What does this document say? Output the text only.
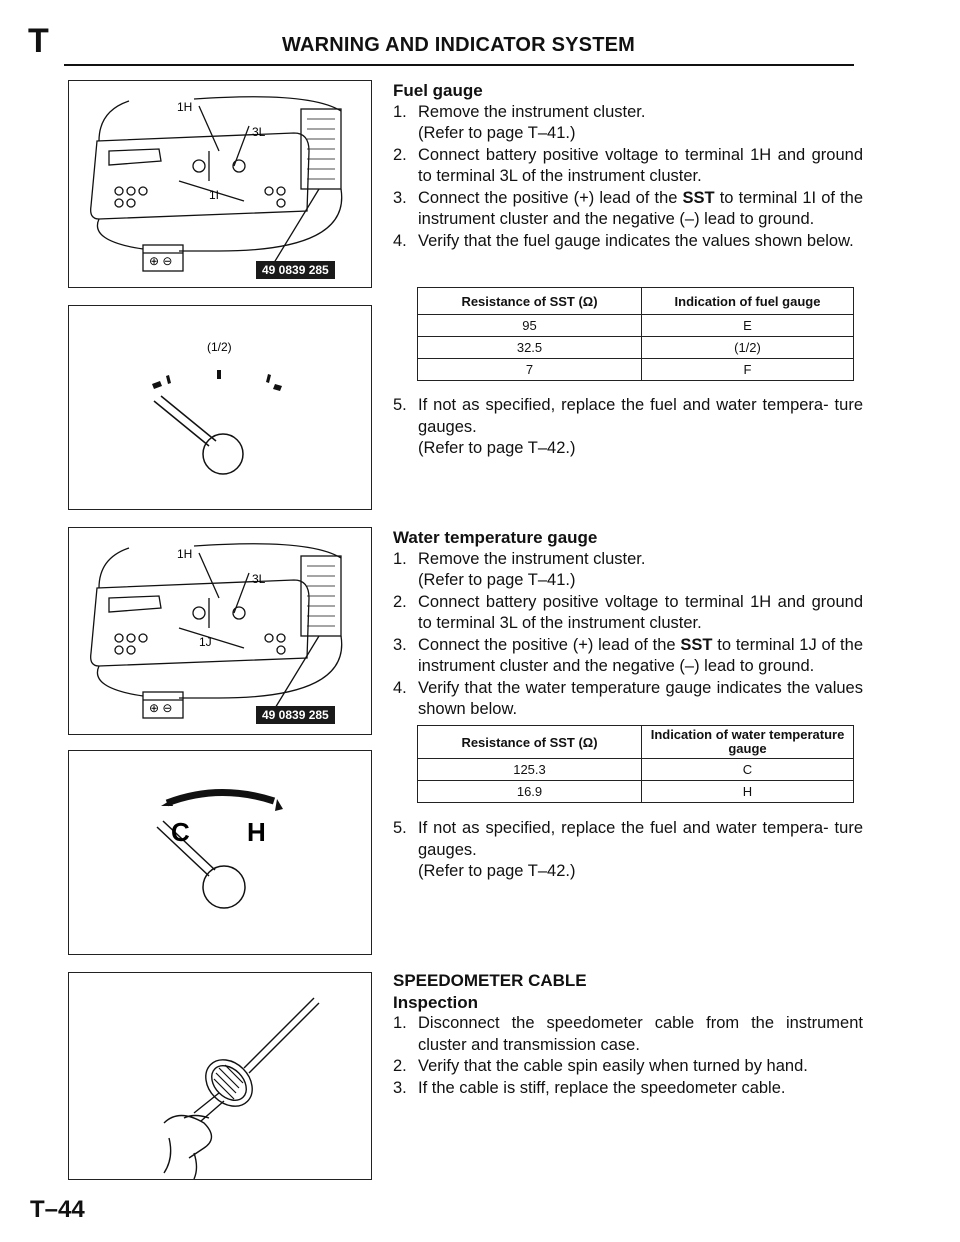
T	WARNING AND INDICATOR SYSTEM
1H
3L
1I
⊕ ⊖
49 0839 285
(1/2)
1H
3L
1J
⊕ ⊖	49 0839 285
C H
Fuel gauge
1. Remove the instrument cluster.
(Refer to page T–41.)
2. Connect battery positive voltage to terminal 1H and ground to terminal 3L of the instrument cluster.
3. Connect the positive (+) lead of the SST to terminal 1I of the instrument cluster and the negative (–) lead to ground.
4. Verify that the fuel gauge indicates the values shown below.
Resistance of SST (Ω)	Indication of fuel gauge
95	E
32.5	(1/2)
7	F
5. If not as specified, replace the fuel and water tempera- ture gauges.
(Refer to page T–42.)
Water temperature gauge
1. Remove the instrument cluster.
(Refer to page T–41.)
2. Connect battery positive voltage to terminal 1H and ground to terminal 3L of the instrument cluster.
3. Connect the positive (+) lead of the SST to terminal 1J of the instrument cluster and the negative (–) lead to ground.
4. Verify that the water temperature gauge indicates the values shown below.
Resistance of SST (Ω)	Indication of water temperature gauge
125.3	C
16.9	H
5. If not as specified, replace the fuel and water tempera- ture gauges.
(Refer to page T–42.)
SPEEDOMETER CABLE
Inspection
1. Disconnect the speedometer cable from the instrument cluster and transmission case.
2. Verify that the cable spin easily when turned by hand.
3. If the cable is stiff, replace the speedometer cable.
T–44
